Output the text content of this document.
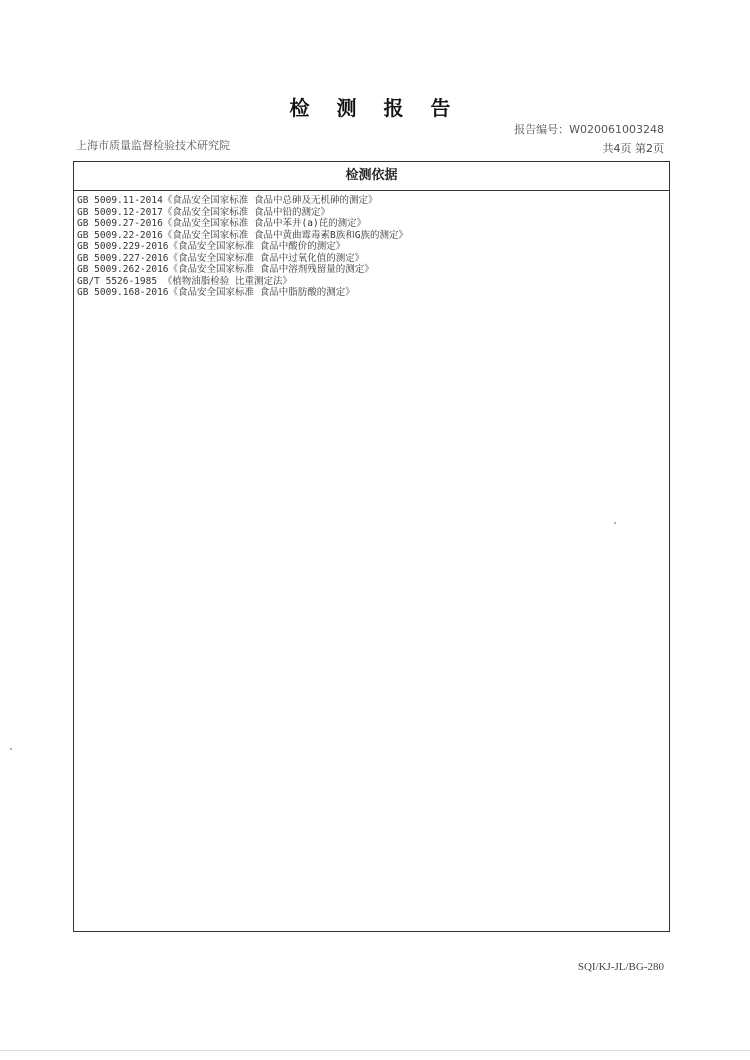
检 测 报 告
报告编号：W020061003248
上海市质量监督检验技术研究院	共4页 第2页
检测依据
GB 5009.11-2014《食品安全国家标准 食品中总砷及无机砷的测定》
GB 5009.12-2017《食品安全国家标准 食品中铅的测定》
GB 5009.27-2016《食品安全国家标准 食品中苯并(a)芘的测定》
GB 5009.22-2016《食品安全国家标准 食品中黄曲霉毒素B族和G族的测定》
GB 5009.229-2016《食品安全国家标准 食品中酸价的测定》
GB 5009.227-2016《食品安全国家标准 食品中过氧化值的测定》
GB 5009.262-2016《食品安全国家标准 食品中溶剂残留量的测定》
GB/T 5526-1985 《植物油脂检验 比重测定法》
GB 5009.168-2016《食品安全国家标准 食品中脂肪酸的测定》
SQI/KJ-JL/BG-280
